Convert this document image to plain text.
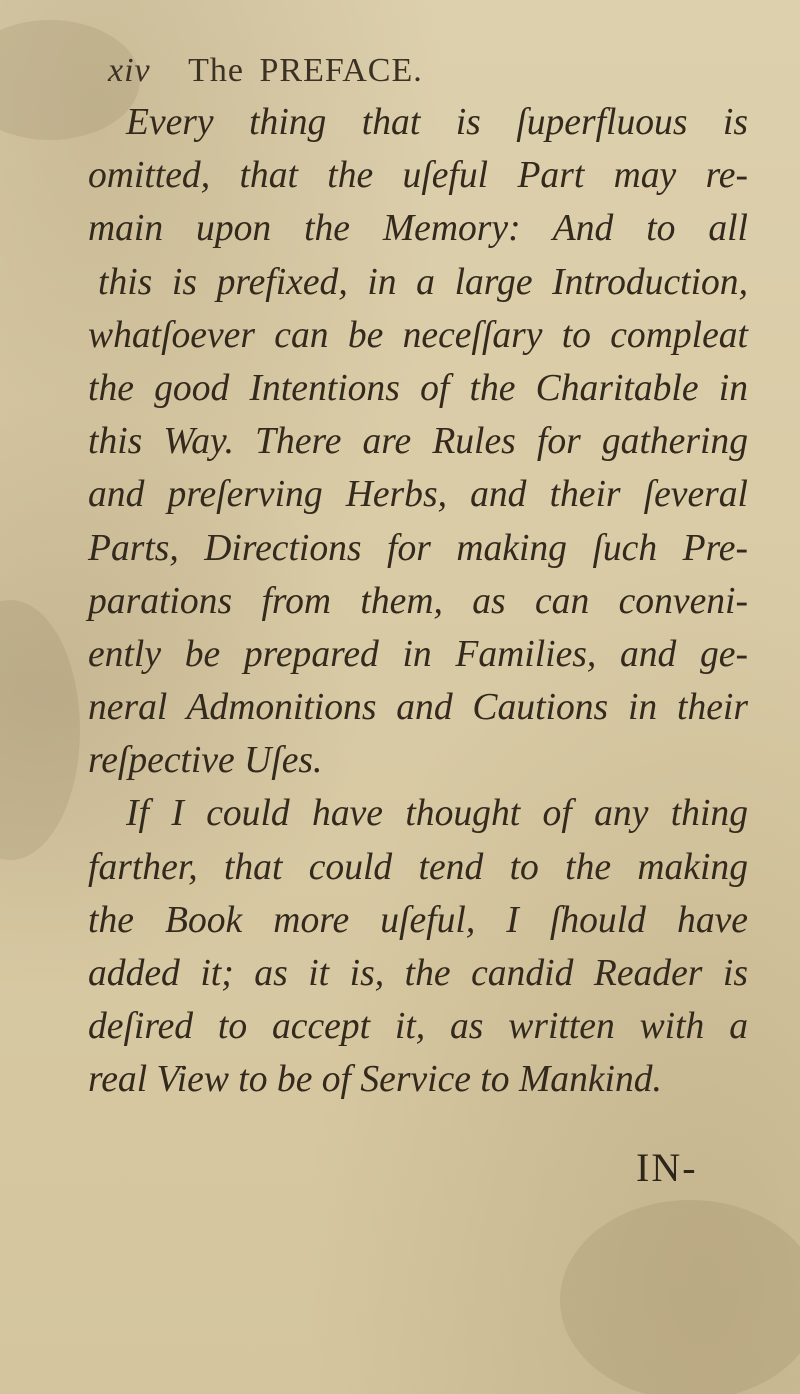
xiv The PREFACE.
Every thing that is ſuperfluous is
omitted, that the uſeful Part may re-
main upon the Memory: And to all
this is prefixed, in a large Introduction,
whatſoever can be neceſſary to compleat
the good Intentions of the Charitable in
this Way. There are Rules for gathering
and preſerving Herbs, and their ſeveral
Parts, Directions for making ſuch Pre-
parations from them, as can conveni-
ently be prepared in Families, and ge-
neral Admonitions and Cautions in their
reſpective Uſes.
If I could have thought of any thing
farther, that could tend to the making
the Book more uſeful, I ſhould have
added it; as it is, the candid Reader is
deſired to accept it, as written with a
real View to be of Service to Mankind.
IN-
